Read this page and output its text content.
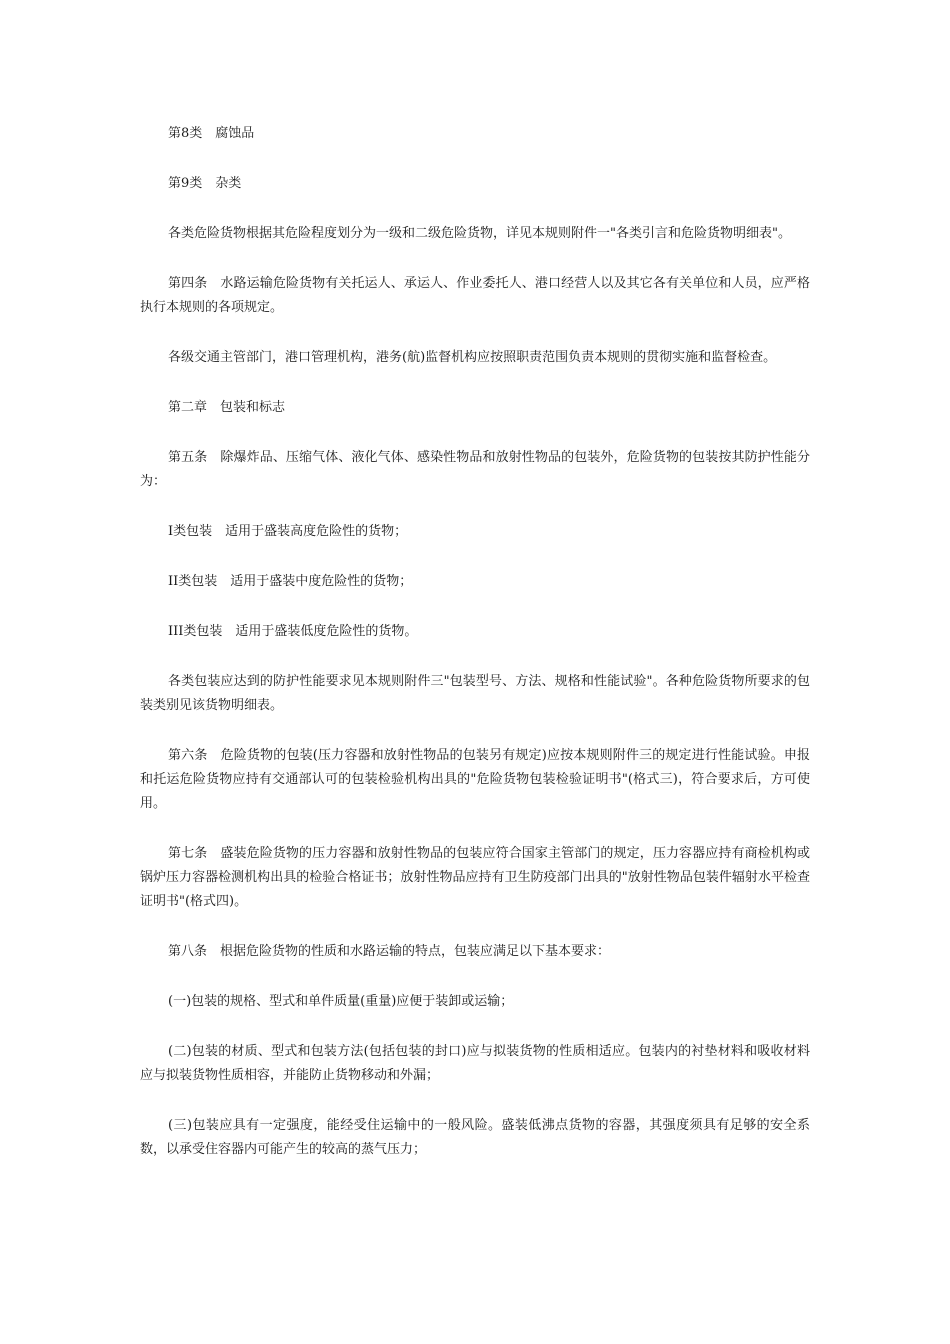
第8类　腐蚀品

第9类　杂类

各类危险货物根据其危险程度划分为一级和二级危险货物，详见本规则附件一"各类引言和危险货物明细表"。

第四条　水路运输危险货物有关托运人、承运人、作业委托人、港口经营人以及其它各有关单位和人员，应严格执行本规则的各项规定。

各级交通主管部门，港口管理机构，港务(航)监督机构应按照职责范围负责本规则的贯彻实施和监督检查。

第二章　包装和标志

第五条　除爆炸品、压缩气体、液化气体、感染性物品和放射性物品的包装外，危险货物的包装按其防护性能分为：

I类包装　适用于盛装高度危险性的货物；

II类包装　适用于盛装中度危险性的货物；

III类包装　适用于盛装低度危险性的货物。

各类包装应达到的防护性能要求见本规则附件三"包装型号、方法、规格和性能试验"。各种危险货物所要求的包装类别见该货物明细表。

第六条　危险货物的包装(压力容器和放射性物品的包装另有规定)应按本规则附件三的规定进行性能试验。申报和托运危险货物应持有交通部认可的包装检验机构出具的"危险货物包装检验证明书"(格式三)，符合要求后，方可使用。

第七条　盛装危险货物的压力容器和放射性物品的包装应符合国家主管部门的规定，压力容器应持有商检机构或锅炉压力容器检测机构出具的检验合格证书；放射性物品应持有卫生防疫部门出具的"放射性物品包装件辐射水平检查证明书"(格式四)。

第八条　根据危险货物的性质和水路运输的特点，包装应满足以下基本要求：

(一)包装的规格、型式和单件质量(重量)应便于装卸或运输；

(二)包装的材质、型式和包装方法(包括包装的封口)应与拟装货物的性质相适应。包装内的衬垫材料和吸收材料应与拟装货物性质相容，并能防止货物移动和外漏；

(三)包装应具有一定强度，能经受住运输中的一般风险。盛装低沸点货物的容器，其强度须具有足够的安全系数，以承受住容器内可能产生的较高的蒸气压力；
